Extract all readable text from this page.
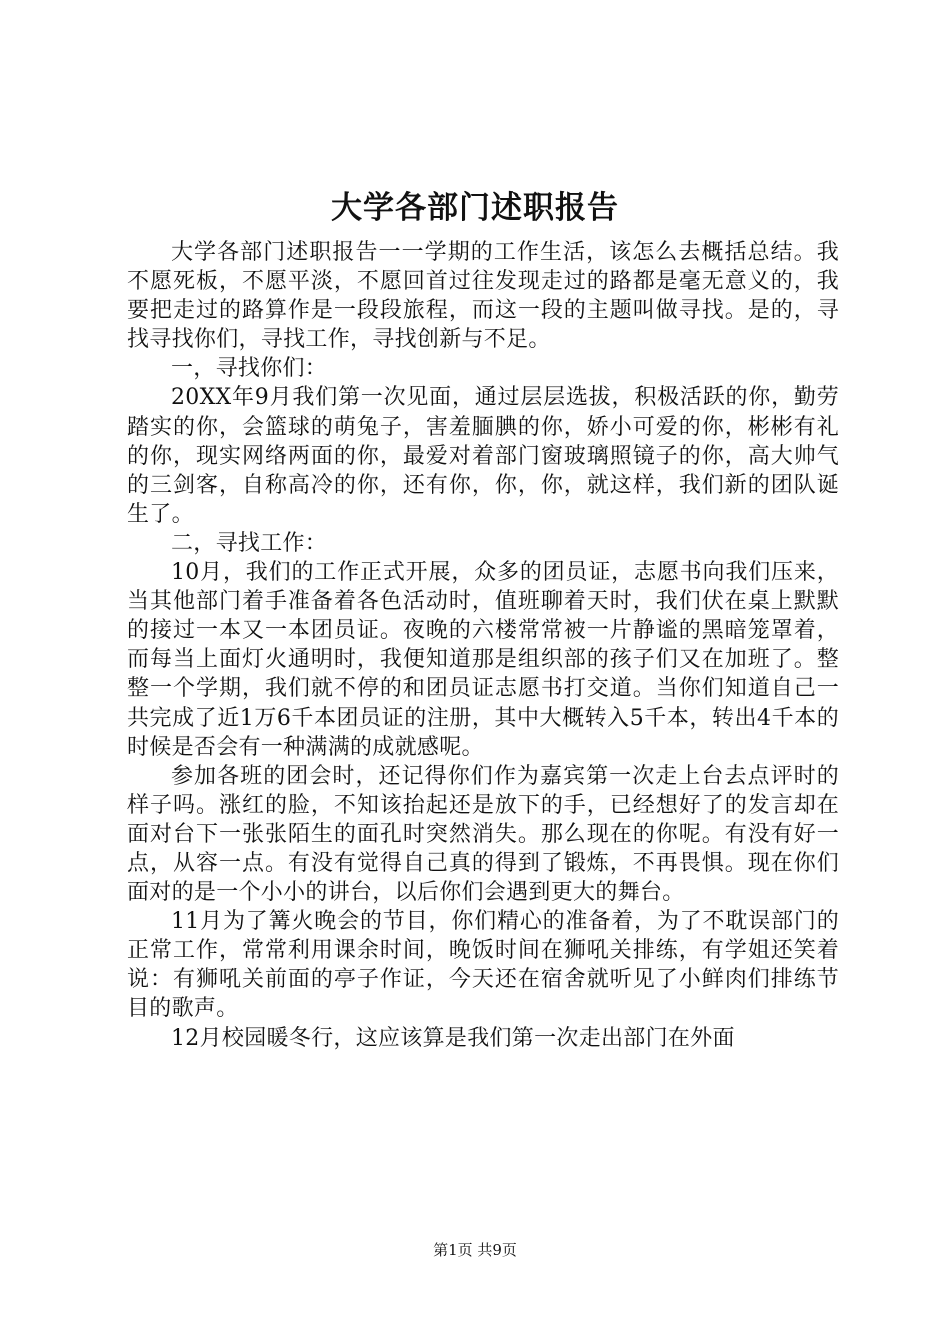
大学各部门述职报告

大学各部门述职报告一一学期的工作生活，该怎么去概括总结。我不愿死板，不愿平淡，不愿回首过往发现走过的路都是毫无意义的，我要把走过的路算作是一段段旅程，而这一段的主题叫做寻找。是的，寻找寻找你们，寻找工作，寻找创新与不足。

一，寻找你们：

20XX年9月我们第一次见面，通过层层选拔，积极活跃的你，勤劳踏实的你，会篮球的萌兔子，害羞腼腆的你，娇小可爱的你，彬彬有礼的你，现实网络两面的你，最爱对着部门窗玻璃照镜子的你，高大帅气的三剑客，自称高冷的你，还有你，你，你，就这样，我们新的团队诞生了。

二，寻找工作：

10月，我们的工作正式开展，众多的团员证，志愿书向我们压来，当其他部门着手准备着各色活动时，值班聊着天时，我们伏在桌上默默的接过一本又一本团员证。夜晚的六楼常常被一片静谧的黑暗笼罩着，而每当上面灯火通明时，我便知道那是组织部的孩子们又在加班了。整整一个学期，我们就不停的和团员证志愿书打交道。当你们知道自己一共完成了近1万6千本团员证的注册，其中大概转入5千本，转出4千本的时候是否会有一种满满的成就感呢。

参加各班的团会时，还记得你们作为嘉宾第一次走上台去点评时的样子吗。涨红的脸，不知该抬起还是放下的手，已经想好了的发言却在面对台下一张张陌生的面孔时突然消失。那么现在的你呢。有没有好一点，从容一点。有没有觉得自己真的得到了锻炼，不再畏惧。现在你们面对的是一个小小的讲台，以后你们会遇到更大的舞台。

11月为了篝火晚会的节目，你们精心的准备着，为了不耽误部门的正常工作，常常利用课余时间，晚饭时间在狮吼关排练，有学姐还笑着说：有狮吼关前面的亭子作证，今天还在宿舍就听见了小鲜肉们排练节目的歌声。

12月校园暖冬行，这应该算是我们第一次走出部门在外面

第1页 共9页
